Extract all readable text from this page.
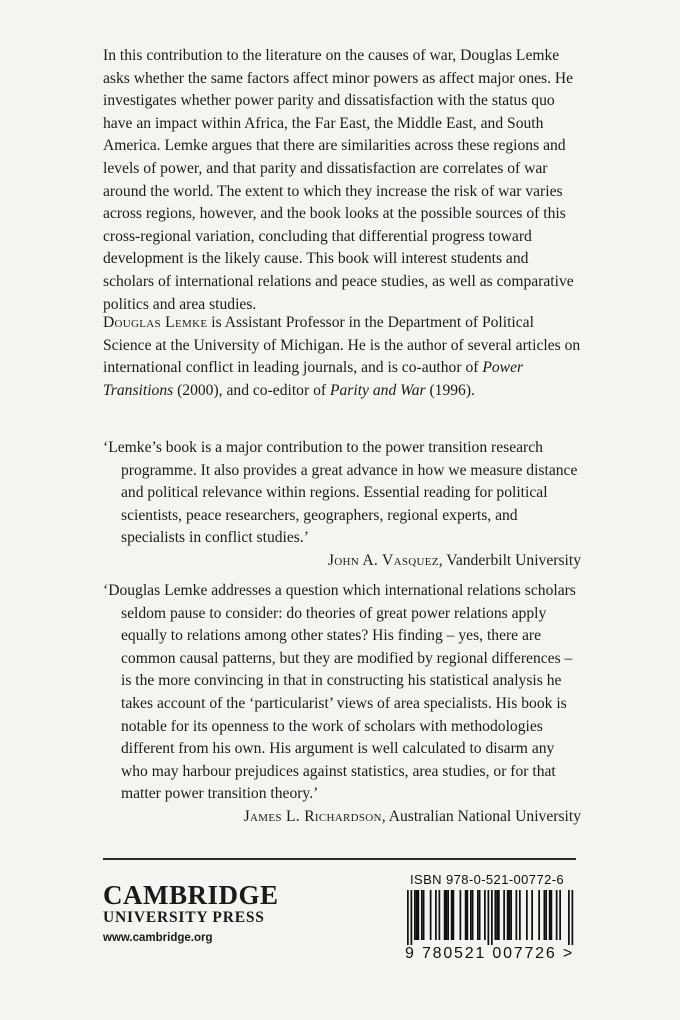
In this contribution to the literature on the causes of war, Douglas Lemke asks whether the same factors affect minor powers as affect major ones. He investigates whether power parity and dissatisfaction with the status quo have an impact within Africa, the Far East, the Middle East, and South America. Lemke argues that there are similarities across these regions and levels of power, and that parity and dissatisfaction are correlates of war around the world. The extent to which they increase the risk of war varies across regions, however, and the book looks at the possible sources of this cross-regional variation, concluding that differential progress toward development is the likely cause. This book will interest students and scholars of international relations and peace studies, as well as comparative politics and area studies.

Douglas Lemke is Assistant Professor in the Department of Political Science at the University of Michigan. He is the author of several articles on international conflict in leading journals, and is co-author of Power Transitions (2000), and co-editor of Parity and War (1996).

‘Lemke’s book is a major contribution to the power transition research programme. It also provides a great advance in how we measure distance and political relevance within regions. Essential reading for political scientists, peace researchers, geographers, regional experts, and specialists in conflict studies.’

John A. Vasquez, Vanderbilt University

‘Douglas Lemke addresses a question which international relations scholars seldom pause to consider: do theories of great power relations apply equally to relations among other states? His finding – yes, there are common causal patterns, but they are modified by regional differences – is the more convincing in that in constructing his statistical analysis he takes account of the ‘particularist’ views of area specialists. His book is notable for its openness to the work of scholars with methodologies different from his own. His argument is well calculated to disarm any who may harbour prejudices against statistics, area studies, or for that matter power transition theory.’

James L. Richardson, Australian National University

CAMBRIDGE
UNIVERSITY PRESS
www.cambridge.org
ISBN 978-0-521-00772-6
9 780521 007726 >
